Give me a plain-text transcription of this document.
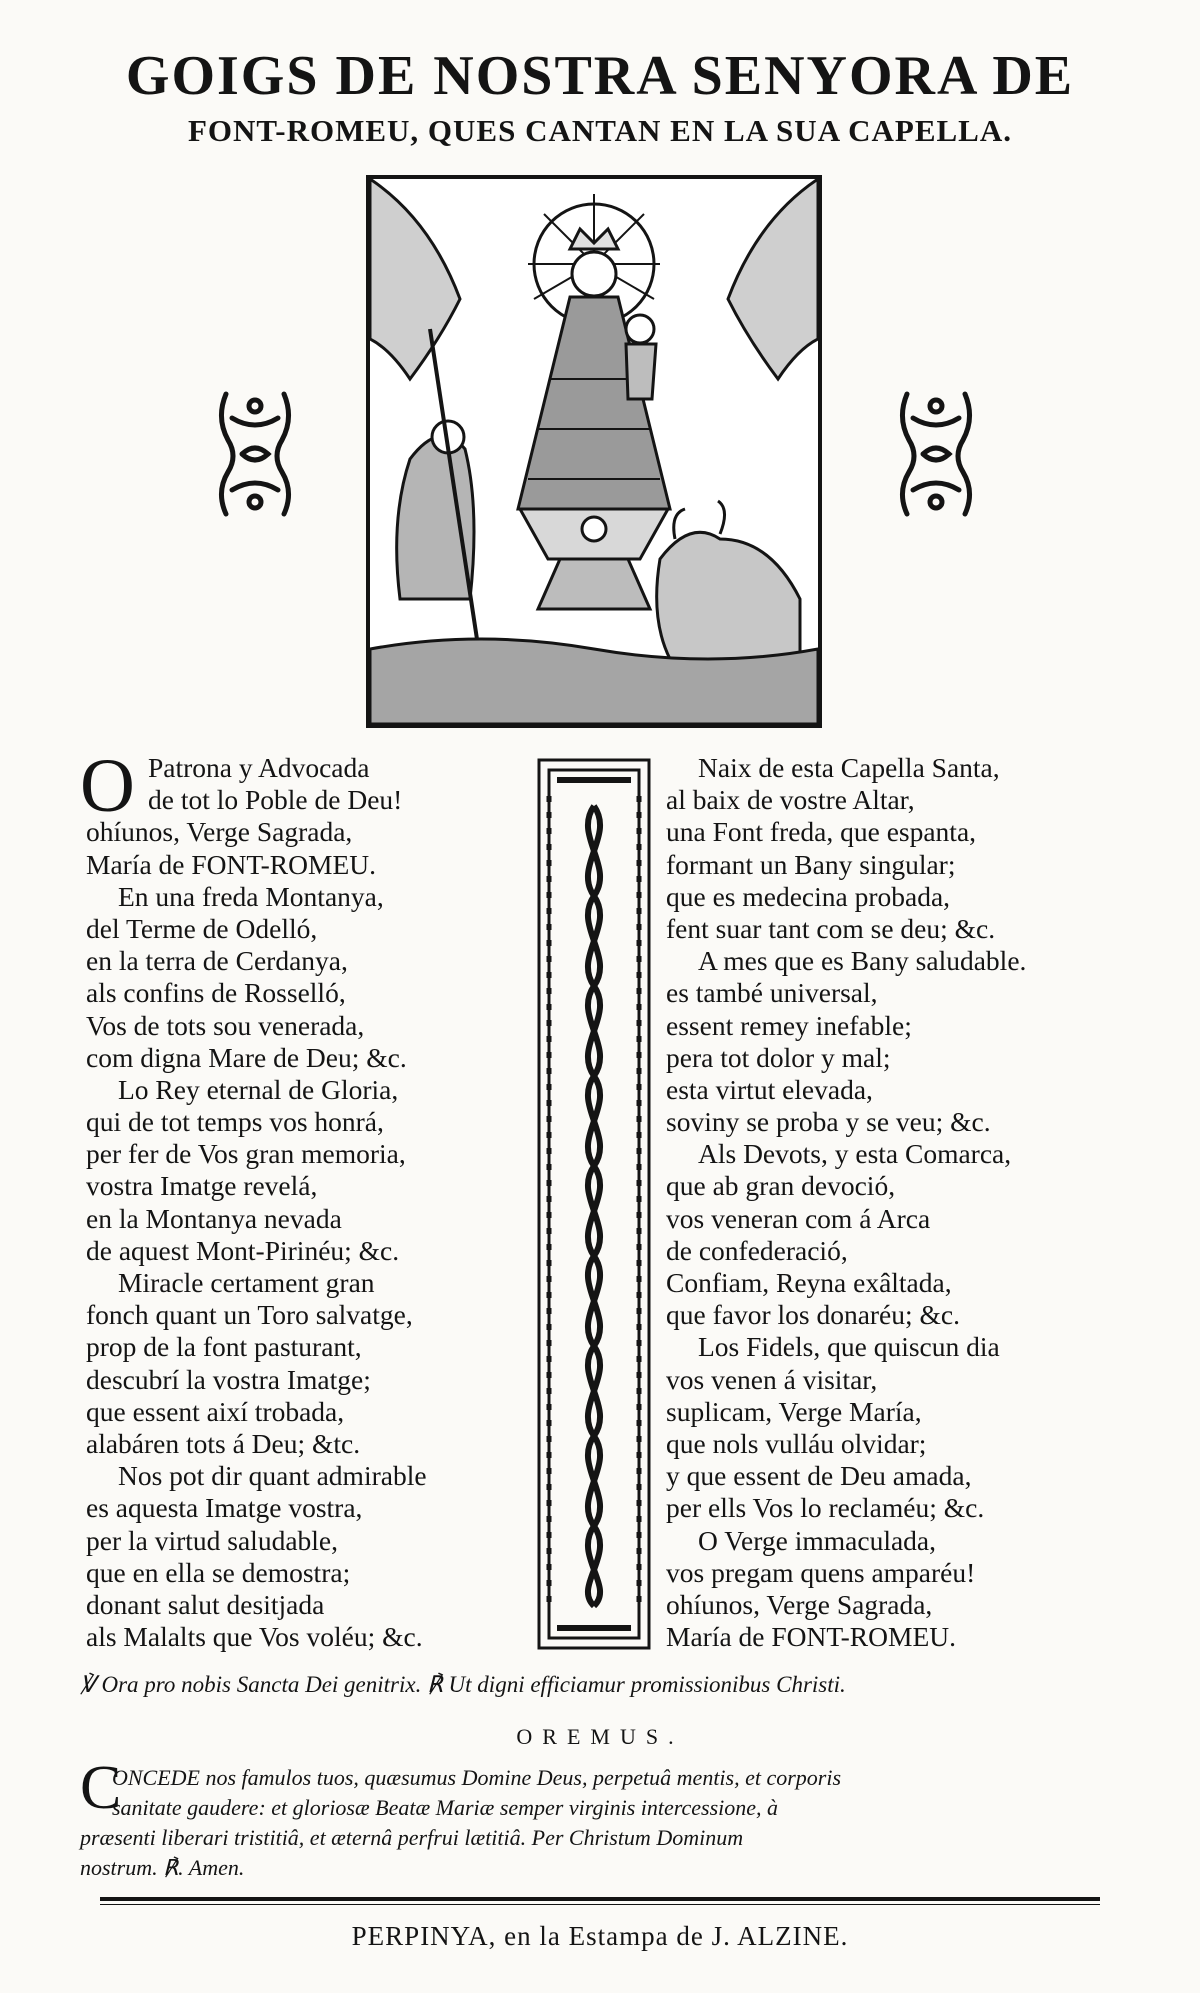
GOIGS DE NOSTRA SENYORA DE
FONT-ROMEU, QUES CANTAN EN LA SUA CAPELLA.
O Patrona y Advocada
de tot lo Poble de Deu!
ohíunos, Verge Sagrada,
María de FONT-ROMEU.
En una freda Montanya,
del Terme de Odelló,
en la terra de Cerdanya,
als confins de Rosselló,
Vos de tots sou venerada,
com digna Mare de Deu; &c.
Lo Rey eternal de Gloria,
qui de tot temps vos honrá,
per fer de Vos gran memoria,
vostra Imatge revelá,
en la Montanya nevada
de aquest Mont-Pirinéu; &c.
Miracle certament gran
fonch quant un Toro salvatge,
prop de la font pasturant,
descubrí la vostra Imatge;
que essent així trobada,
alabáren tots á Deu; &tc.
Nos pot dir quant admirable
es aquesta Imatge vostra,
per la virtud saludable,
que en ella se demostra;
donant salut desitjada
als Malalts que Vos voléu; &c.
Naix de esta Capella Santa,
al baix de vostre Altar,
una Font freda, que espanta,
formant un Bany singular;
que es medecina probada,
fent suar tant com se deu; &c.
A mes que es Bany saludable.
es també universal,
essent remey inefable;
pera tot dolor y mal;
esta virtut elevada,
soviny se proba y se veu; &c.
Als Devots, y esta Comarca,
que ab gran devoció,
vos veneran com á Arca
de confederació,
Confiam, Reyna exâltada,
que favor los donaréu; &c.
Los Fidels, que quiscun dia
vos venen á visitar,
suplicam, Verge María,
que nols vulláu olvidar;
y que essent de Deu amada,
per ells Vos lo reclaméu; &c.
O Verge immaculada,
vos pregam quens amparéu!
ohíunos, Verge Sagrada,
María de FONT-ROMEU.
℣ Ora pro nobis Sancta Dei genitrix. ℟ Ut digni efficiamur promissionibus Christi.
OREMUS.
C
ONCEDE nos famulos tuos, quæsumus Domine Deus, perpetuâ mentis, et corporis
sanitate gaudere: et gloriosæ Beatæ Mariæ semper virginis intercessione, à
præsenti liberari tristitiâ, et æternâ perfrui lætitiâ. Per Christum Dominum
nostrum. ℟. Amen.
PERPINYA, en la Estampa de J. ALZINE.
